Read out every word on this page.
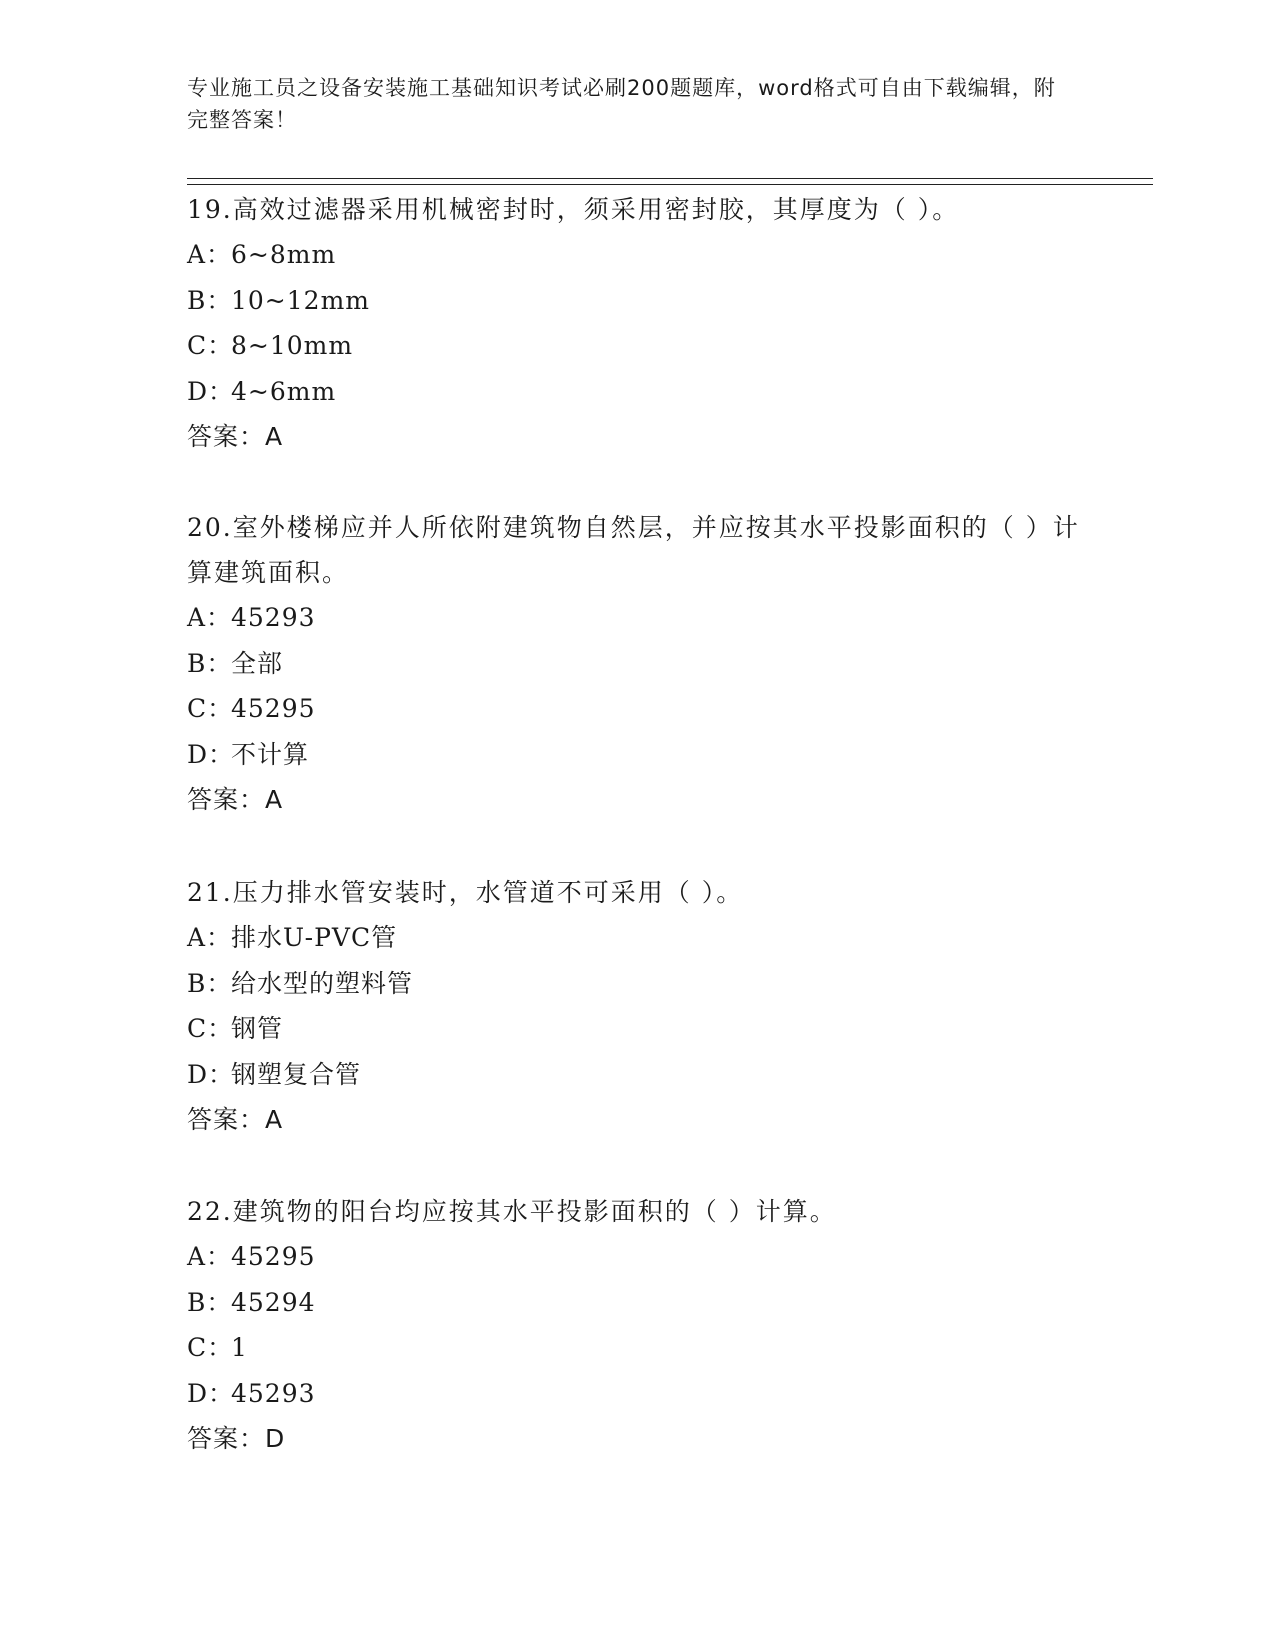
专业施工员之设备安装施工基础知识考试必刷200题题库，word格式可自由下载编辑，附完整答案！
19.高效过滤器采用机械密封时，须采用密封胶，其厚度为（ ）。
A：6~8mm
B：10~12mm
C：8~10mm
D：4~6mm
答案：A
20.室外楼梯应并人所依附建筑物自然层，并应按其水平投影面积的（ ）计算建筑面积。
A：45293
B：全部
C：45295
D：不计算
答案：A
21.压力排水管安装时，水管道不可采用（ ）。
A：排水U-PVC管
B：给水型的塑料管
C：钢管
D：钢塑复合管
答案：A
22.建筑物的阳台均应按其水平投影面积的（ ）计算。
A：45295
B：45294
C：1
D：45293
答案：D
